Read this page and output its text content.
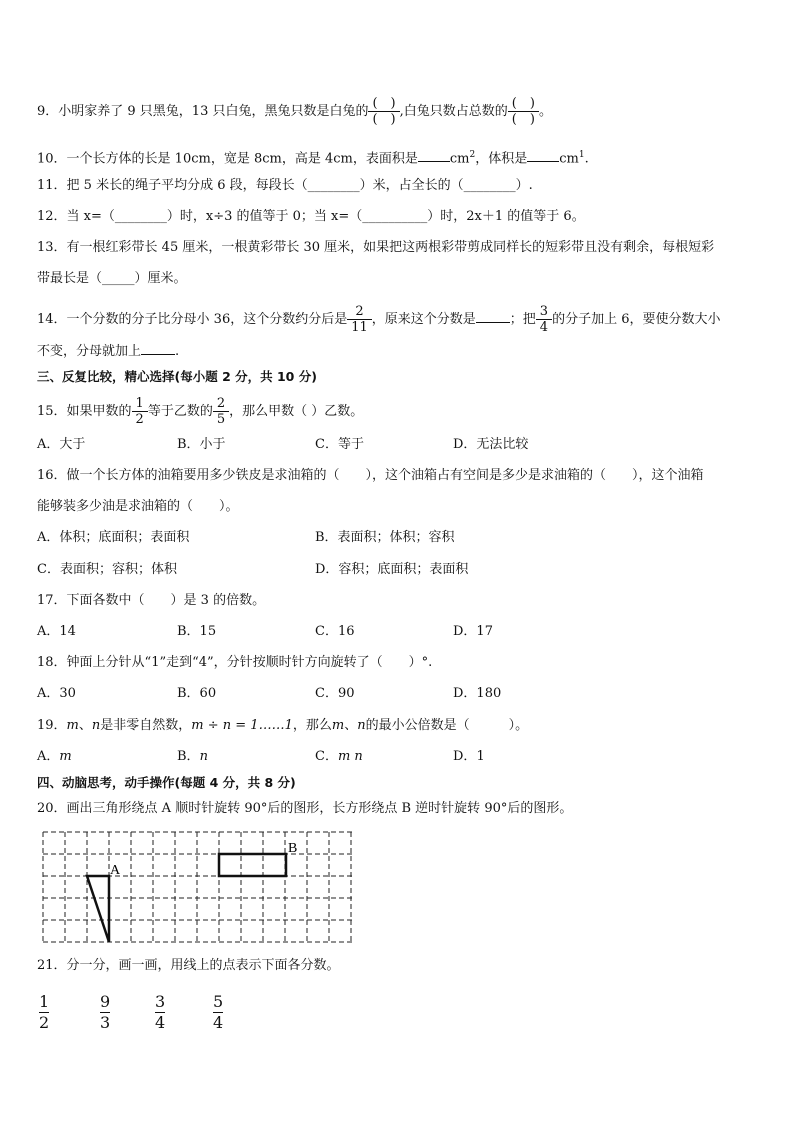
9．小明家养了 9 只黑兔，13 只白兔，黑兔只数是白兔的 $\frac{( )}{( )}$ ,白兔只数占总数的 $\frac{( )}{( )}$ 。
10．一个长方体的长是 10cm，宽是 8cm，高是 4cm，表面积是 $cm^2$，体积是 $cm^1$.
11．把 5 米长的绳子平均分成 6 段，每段长（________）米，占全长的（________）.
12．当 x=（________）时，x÷3 的值等于 0；当 x=（__________）时，2x＋1 的值等于 6。
13．有一根红彩带长 45 厘米，一根黄彩带长 30 厘米，如果把这两根彩带剪成同样长的短彩带且没有剩余，每根短彩
带最长是（_____）厘米。
14．一个分数的分子比分母小 36，这个分数约分后是 $\frac{2}{11}$ ，原来这个分数是	；把 $\frac{3}{4}$ 的分子加上 6，要使分数大小
不变，分母就加上	.
三、反复比较，精心选择(每小题 2 分，共 10 分)
15．如果甲数的 $\frac{1}{2}$ 等于乙数的 $\frac{2}{5}$ ，那么甲数（ ）乙数。
A．大于	B．小于	C．等于	D．无法比较
16．做一个长方体的油箱要用多少铁皮是求油箱的（　　），这个油箱占有空间是多少是求油箱的（　　），这个油箱
能够装多少油是求油箱的（　　）。
A．体积；底面积；表面积	B．表面积；体积；容积
C．表面积；容积；体积	D．容积；底面积；表面积
17．下面各数中（　　）是 3 的倍数。
A．14	B．15	C．16	D．17
18．钟面上分针从“1”走到“4”，分针按顺时针方向旋转了（　　）°.
A．30	B．60	C．90	D．180
19．m、n是非零自然数，m ÷ n = 1……1，那么m、n的最小公倍数是（　　　）。
A．m	B．n	C．m n	D．1
四、动脑思考，动手操作(每题 4 分，共 8 分)
20．画出三角形绕点 A 顺时针旋转 90°后的图形，长方形绕点 B 逆时针旋转 90°后的图形。
A
B
21．分一分，画一画，用线上的点表示下面各分数。
1
2
9
3
3
4
5
4
